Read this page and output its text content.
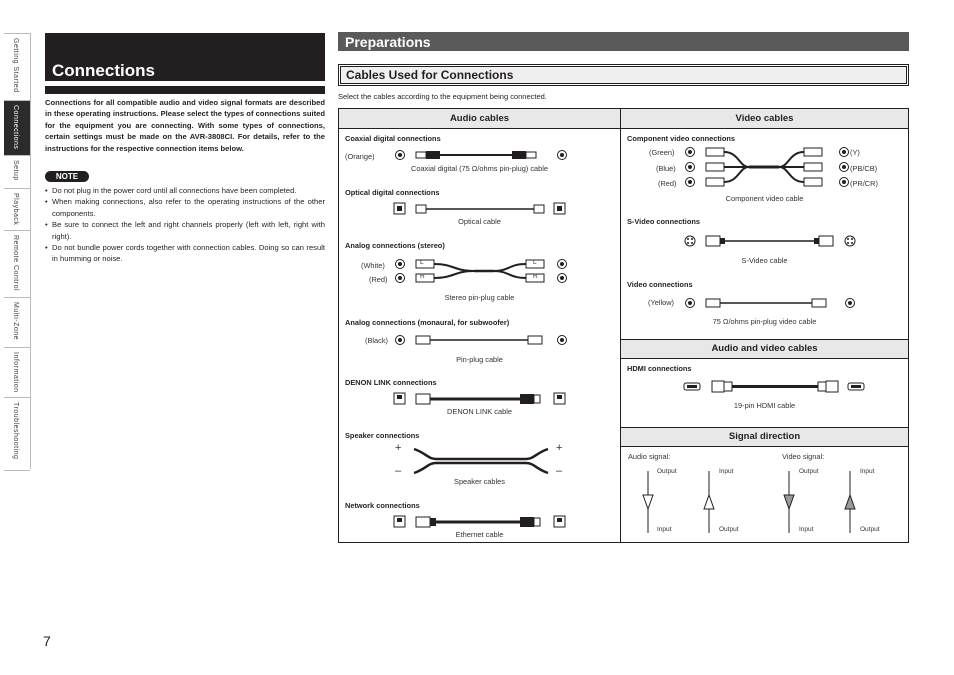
Getting Started
Connections
Setup
Playback
Remote Control
Multi-Zone
Information
Troubleshooting
Connections
Connections for all compatible audio and video signal formats are described in these operating instructions. Please select the types of connections suited for the equipment you are connecting. With some types of connections, certain settings must be made on the AVR-3808CI. For details, refer to the instructions for the respective connection items below.
NOTE
• Do not plug in the power cord until all connections have been completed.
• When making connections, also refer to the operating instructions of the other components.
• Be sure to connect the left and right channels properly (left with left, right with right).
• Do not bundle power cords together with connection cables. Doing so can result in humming or noise.
7
Preparations
Cables Used for Connections
Select the cables according to the equipment being connected.
Audio cables	Video cables
Coaxial digital connections
(Orange)
Coaxial digital (75 Ω/ohms pin-plug) cable
Optical digital connections
Optical cable
Analog connections (stereo)
(White)
(Red)
L
R
L
R
Stereo pin-plug cable
Analog connections (monaural, for subwoofer)
(Black)
Pin-plug cable
DENON LINK connections
DENON LINK cable
Speaker connections
+
–
+
–
Speaker cables
Network connections
Ethernet cable
Component video connections
(Green)
(Blue)
(Red)
(Y)
(PB/CB)
(PR/CR)
Component video cable
S-Video connections
S-Video cable
Video connections
(Yellow)
75 Ω/ohms pin-plug video cable
Audio and video cables
HDMI connections
19-pin HDMI cable
Signal direction
Audio signal:	Video signal:
Output	Input	Output	Input
Input	Output	Input	Output
